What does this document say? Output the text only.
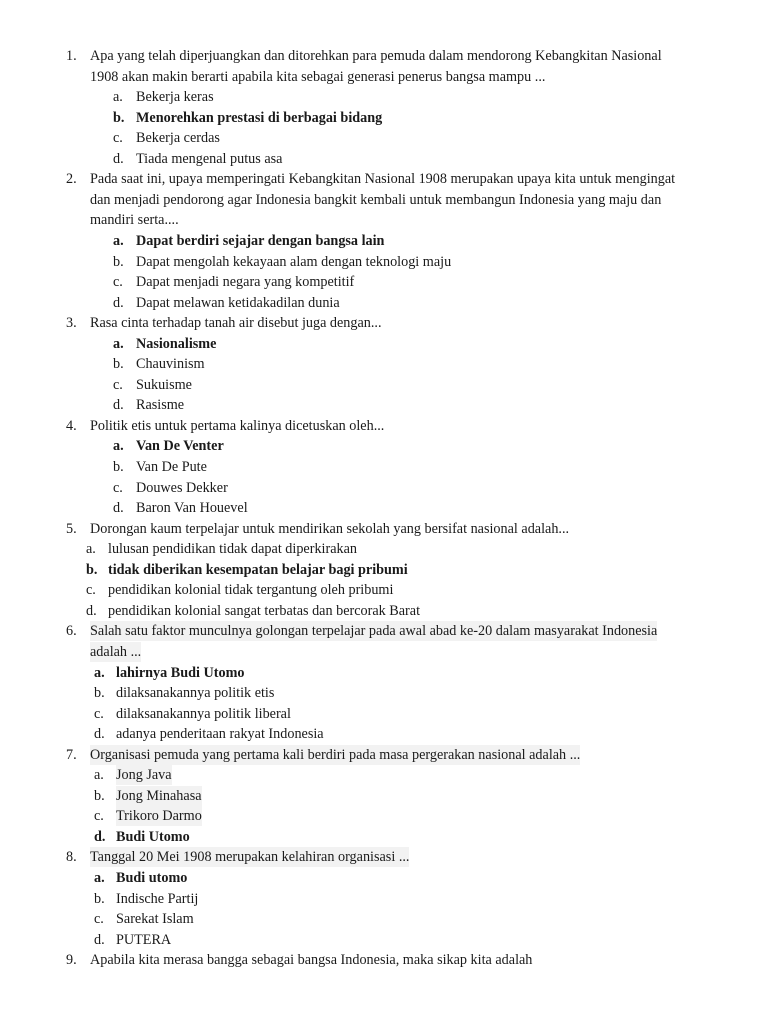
1. Apa yang telah diperjuangkan dan ditorehkan para pemuda dalam mendorong Kebangkitan Nasional
1908 akan makin berarti apabila kita sebagai generasi penerus bangsa mampu ...
a. Bekerja keras
b. Menorehkan prestasi di berbagai bidang
c. Bekerja cerdas
d. Tiada mengenal putus asa
2. Pada saat ini, upaya memperingati Kebangkitan Nasional 1908 merupakan upaya kita untuk mengingat
dan menjadi pendorong agar Indonesia bangkit kembali untuk membangun Indonesia yang maju dan
mandiri serta....
a. Dapat berdiri sejajar dengan bangsa lain
b. Dapat mengolah kekayaan alam dengan teknologi maju
c. Dapat menjadi negara yang kompetitif
d. Dapat melawan ketidakadilan dunia
3. Rasa cinta terhadap tanah air disebut juga dengan...
a. Nasionalisme
b. Chauvinism
c. Sukuisme
d. Rasisme
4. Politik etis untuk pertama kalinya dicetuskan oleh...
a. Van De Venter
b. Van De Pute
c. Douwes Dekker
d. Baron Van Houevel
5. Dorongan kaum terpelajar untuk mendirikan sekolah yang bersifat nasional adalah...
a. lulusan pendidikan tidak dapat diperkirakan
b. tidak diberikan kesempatan belajar bagi pribumi
c. pendidikan kolonial tidak tergantung oleh pribumi
d. pendidikan kolonial sangat terbatas dan bercorak Barat
6. Salah satu faktor munculnya golongan terpelajar pada awal abad ke-20 dalam masyarakat Indonesia
adalah ...
a. lahirnya Budi Utomo
b. dilaksanakannya politik etis
c. dilaksanakannya politik liberal
d. adanya penderitaan rakyat Indonesia
7. Organisasi pemuda yang pertama kali berdiri pada masa pergerakan nasional adalah ...
a. Jong Java
b. Jong Minahasa
c. Trikoro Darmo
d. Budi Utomo
8. Tanggal 20 Mei 1908 merupakan kelahiran organisasi ...
a. Budi utomo
b. Indische Partij
c. Sarekat Islam
d. PUTERA
9. Apabila kita merasa bangga sebagai bangsa Indonesia, maka sikap kita adalah
